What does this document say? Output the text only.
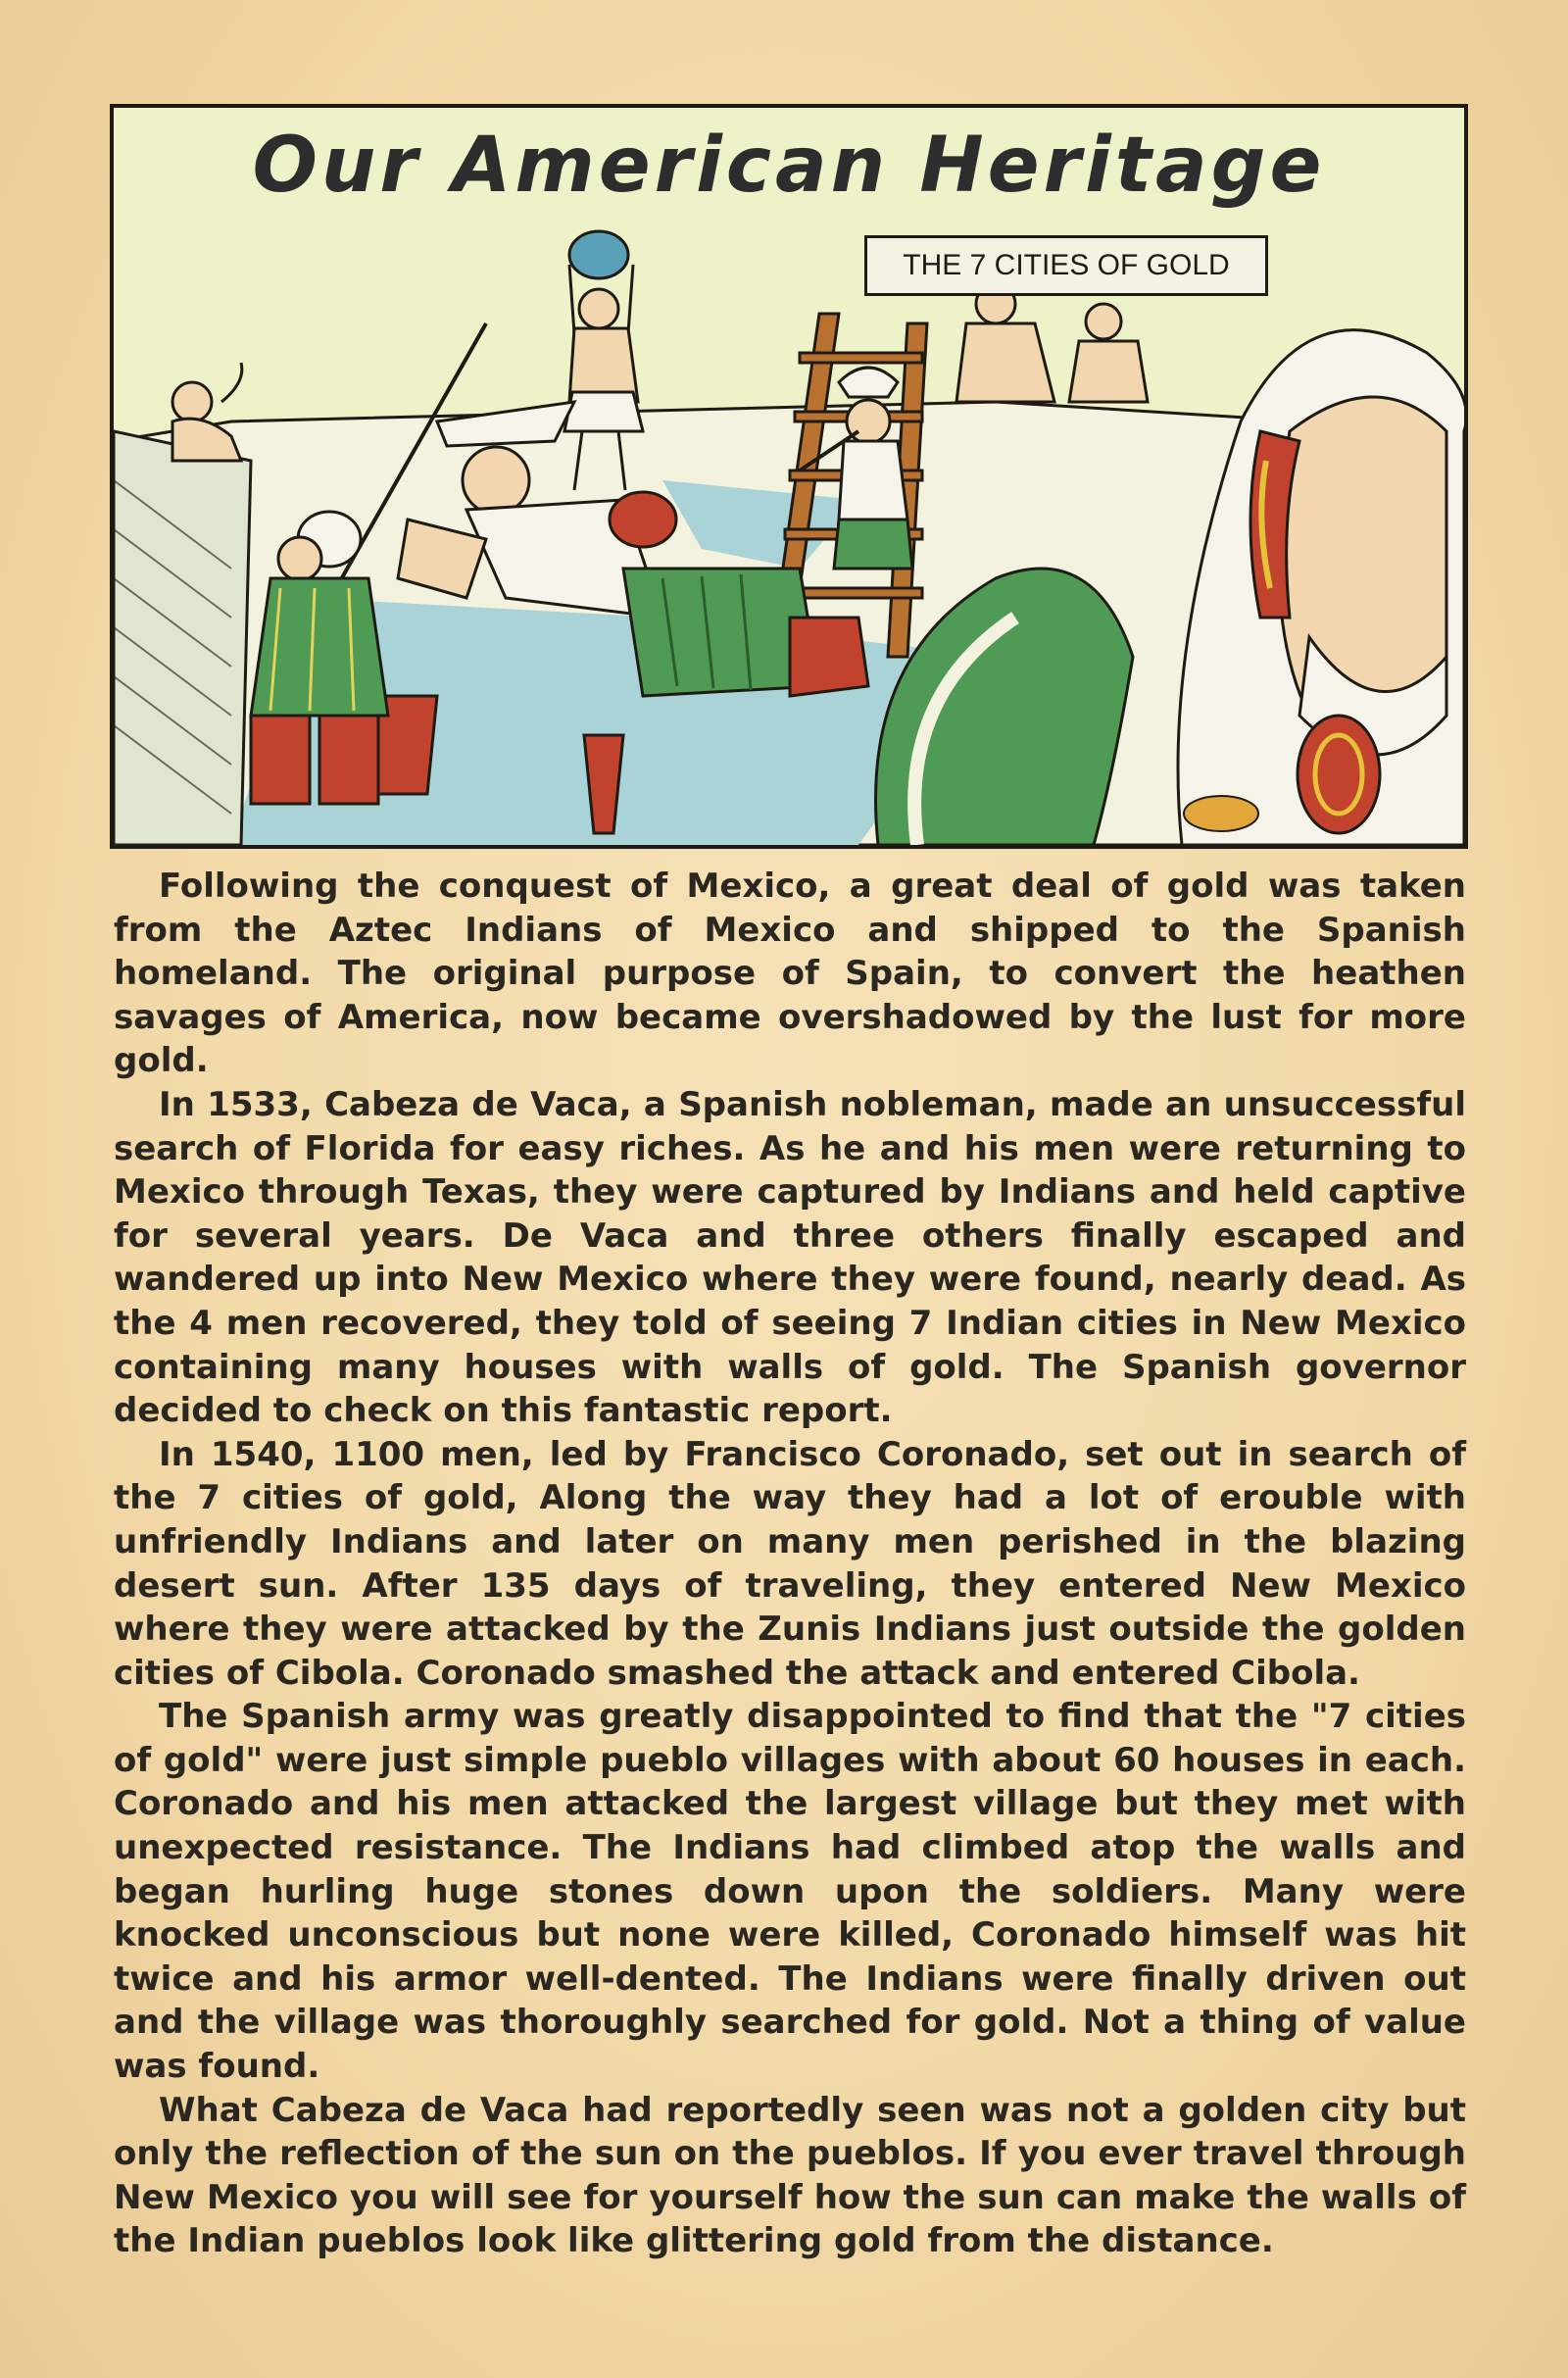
Our American Heritage
THE 7 CITIES OF GOLD

Following the conquest of Mexico, a great deal of gold was taken from the Aztec Indians of Mexico and shipped to the Spanish homeland. The original purpose of Spain, to convert the heathen savages of America, now became overshadowed by the lust for more gold.

In 1533, Cabeza de Vaca, a Spanish nobleman, made an unsuccessful search of Florida for easy riches. As he and his men were returning to Mexico through Texas, they were captured by Indians and held captive for several years. De Vaca and three others finally escaped and wandered up into New Mexico where they were found, nearly dead. As the 4 men recovered, they told of seeing 7 Indian cities in New Mexico containing many houses with walls of gold. The Spanish governor decided to check on this fantastic report.

In 1540, 1100 men, led by Francisco Coronado, set out in search of the 7 cities of gold, Along the way they had a lot of erouble with unfriendly Indians and later on many men perished in the blazing desert sun. After 135 days of traveling, they entered New Mexico where they were attacked by the Zunis Indians just outside the golden cities of Cibola. Coronado smashed the attack and entered Cibola.

The Spanish army was greatly disappointed to find that the "7 cities of gold" were just simple pueblo villages with about 60 houses in each. Coronado and his men attacked the largest village but they met with unexpected resistance. The Indians had climbed atop the walls and began hurling huge stones down upon the soldiers. Many were knocked unconscious but none were killed, Coronado himself was hit twice and his armor well-dented. The Indians were finally driven out and the village was thoroughly searched for gold. Not a thing of value was found.

What Cabeza de Vaca had reportedly seen was not a golden city but only the reflection of the sun on the pueblos. If you ever travel through New Mexico you will see for yourself how the sun can make the walls of the Indian pueblos look like glittering gold from the distance.
